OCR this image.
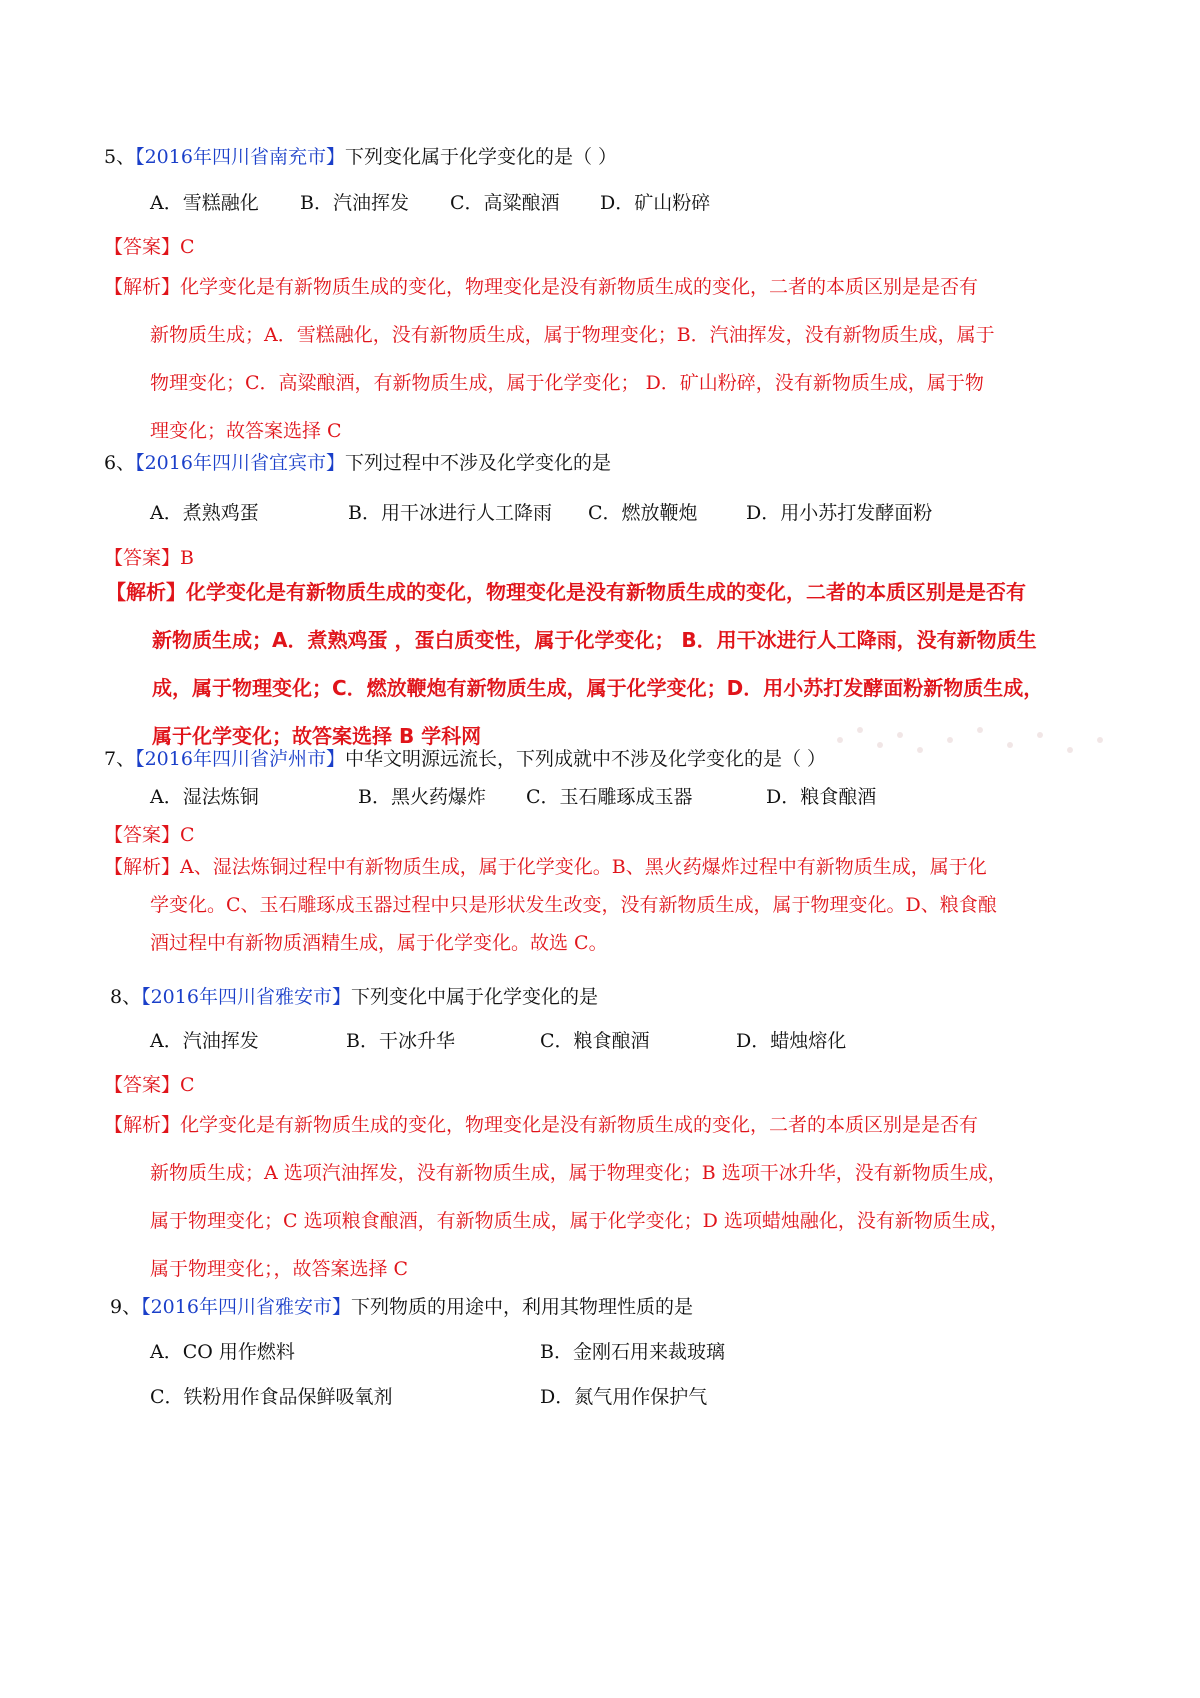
5、【2016年四川省南充市】下列变化属于化学变化的是（ ）
A．雪糕融化 B．汽油挥发 C．高粱酿酒 D．矿山粉碎
【答案】C
【解析】化学变化是有新物质生成的变化，物理变化是没有新物质生成的变化，二者的本质区别是是否有
新物质生成；A．雪糕融化，没有新物质生成，属于物理变化；B．汽油挥发，没有新物质生成，属于
物理变化；C．高粱酿酒，有新物质生成，属于化学变化； D．矿山粉碎，没有新物质生成，属于物
理变化；故答案选择 C
6、【2016年四川省宜宾市】下列过程中不涉及化学变化的是
A．煮熟鸡蛋	B．用干冰进行人工降雨 C．燃放鞭炮	D．用小苏打发酵面粉
【答案】B
【解析】化学变化是有新物质生成的变化，物理变化是没有新物质生成的变化，二者的本质区别是是否有
新物质生成；A．煮熟鸡蛋 ，蛋白质变性，属于化学变化； B．用干冰进行人工降雨，没有新物质生
成，属于物理变化；C．燃放鞭炮有新物质生成，属于化学变化；D．用小苏打发酵面粉新物质生成，
属于化学变化；故答案选择 B 学科网
7、【2016年四川省泸州市】中华文明源远流长，下列成就中不涉及化学变化的是（ ）
A．湿法炼铜	B．黑火药爆炸 C．玉石雕琢成玉器	D．粮食酿酒
【答案】C
【解析】A、湿法炼铜过程中有新物质生成，属于化学变化。B、黑火药爆炸过程中有新物质生成，属于化
学变化。C、玉石雕琢成玉器过程中只是形状发生改变，没有新物质生成，属于物理变化。D、粮食酿
酒过程中有新物质酒精生成，属于化学变化。故选 C。
8、【2016年四川省雅安市】下列变化中属于化学变化的是
A．汽油挥发	B．干冰升华	C．粮食酿酒	D．蜡烛熔化
【答案】C
【解析】化学变化是有新物质生成的变化，物理变化是没有新物质生成的变化，二者的本质区别是是否有
新物质生成；A 选项汽油挥发，没有新物质生成，属于物理变化；B 选项干冰升华，没有新物质生成，
属于物理变化；C 选项粮食酿酒，有新物质生成，属于化学变化；D 选项蜡烛融化，没有新物质生成，
属于物理变化；，故答案选择 C
9、【2016年四川省雅安市】下列物质的用途中，利用其物理性质的是
A．CO 用作燃料	B．金刚石用来裁玻璃
C．铁粉用作食品保鲜吸氧剂	D．氮气用作保护气
